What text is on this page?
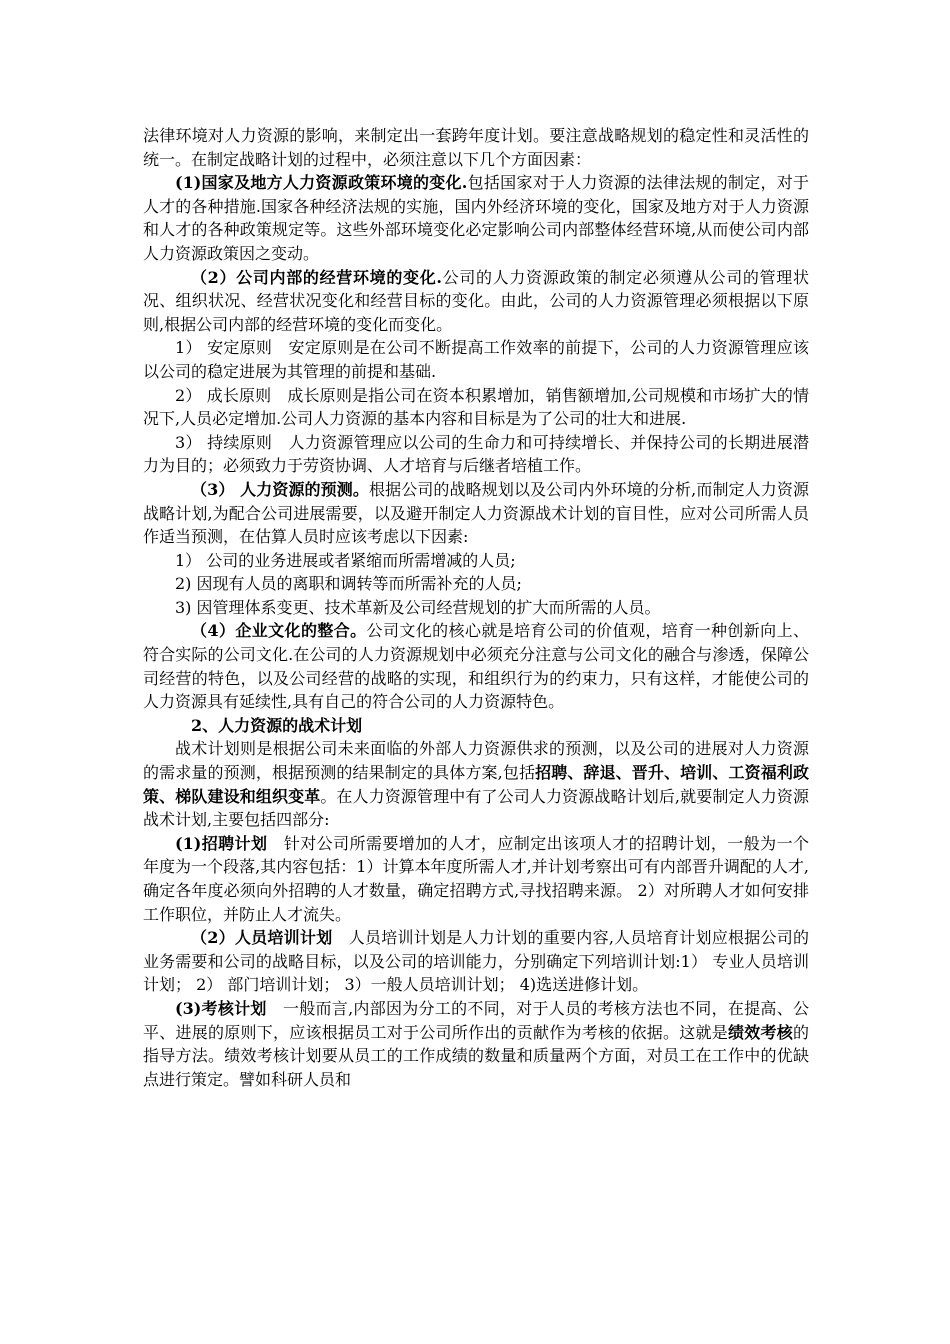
法律环境对人力资源的影响，来制定出一套跨年度计划。要注意战略规划的稳定性和灵活性的统一。在制定战略计划的过程中，必须注意以下几个方面因素：

(1)国家及地方人力资源政策环境的变化.包括国家对于人力资源的法律法规的制定，对于人才的各种措施.国家各种经济法规的实施，国内外经济环境的变化，国家及地方对于人力资源和人才的各种政策规定等。这些外部环境变化必定影响公司内部整体经营环境,从而使公司内部人力资源政策因之变动。

（2）公司内部的经营环境的变化.公司的人力资源政策的制定必须遵从公司的管理状况、组织状况、经营状况变化和经营目标的变化。由此，公司的人力资源管理必须根据以下原则,根据公司内部的经营环境的变化而变化。

1） 安定原则　安定原则是在公司不断提高工作效率的前提下，公司的人力资源管理应该以公司的稳定进展为其管理的前提和基础.

2） 成长原则　成长原则是指公司在资本积累增加，销售额增加,公司规模和市场扩大的情况下,人员必定增加.公司人力资源的基本内容和目标是为了公司的壮大和进展.

3） 持续原则　人力资源管理应以公司的生命力和可持续增长、并保持公司的长期进展潜力为目的；必须致力于劳资协调、人才培育与后继者培植工作。

（3） 人力资源的预测。根据公司的战略规划以及公司内外环境的分析,而制定人力资源战略计划,为配合公司进展需要，以及避开制定人力资源战术计划的盲目性，应对公司所需人员作适当预测，在估算人员时应该考虑以下因素:

1） 公司的业务进展或者紧缩而所需增减的人员;

2) 因现有人员的离职和调转等而所需补充的人员;

3) 因管理体系变更、技术革新及公司经营规划的扩大而所需的人员。

（4）企业文化的整合。公司文化的核心就是培育公司的价值观，培育一种创新向上、符合实际的公司文化.在公司的人力资源规划中必须充分注意与公司文化的融合与渗透，保障公司经营的特色，以及公司经营的战略的实现，和组织行为的约束力，只有这样，才能使公司的人力资源具有延续性,具有自己的符合公司的人力资源特色。

2、人力资源的战术计划

战术计划则是根据公司未来面临的外部人力资源供求的预测，以及公司的进展对人力资源的需求量的预测，根据预测的结果制定的具体方案,包括招聘、辞退、晋升、培训、工资福利政策、梯队建设和组织变革。在人力资源管理中有了公司人力资源战略计划后,就要制定人力资源战术计划,主要包括四部分:

(1)招聘计划　针对公司所需要增加的人才，应制定出该项人才的招聘计划，一般为一个年度为一个段落,其内容包括：1）计算本年度所需人才,并计划考察出可有内部晋升调配的人才,确定各年度必须向外招聘的人才数量，确定招聘方式,寻找招聘来源。 2）对所聘人才如何安排工作职位，并防止人才流失。

（2）人员培训计划　人员培训计划是人力计划的重要内容,人员培育计划应根据公司的业务需要和公司的战略目标，以及公司的培训能力，分别确定下列培训计划:1） 专业人员培训计划； 2） 部门培训计划； 3）一般人员培训计划； 4)选送进修计划。

(3)考核计划　一般而言,内部因为分工的不同，对于人员的考核方法也不同，在提高、公平、进展的原则下，应该根据员工对于公司所作出的贡献作为考核的依据。这就是绩效考核的指导方法。绩效考核计划要从员工的工作成绩的数量和质量两个方面，对员工在工作中的优缺点进行策定。譬如科研人员和
